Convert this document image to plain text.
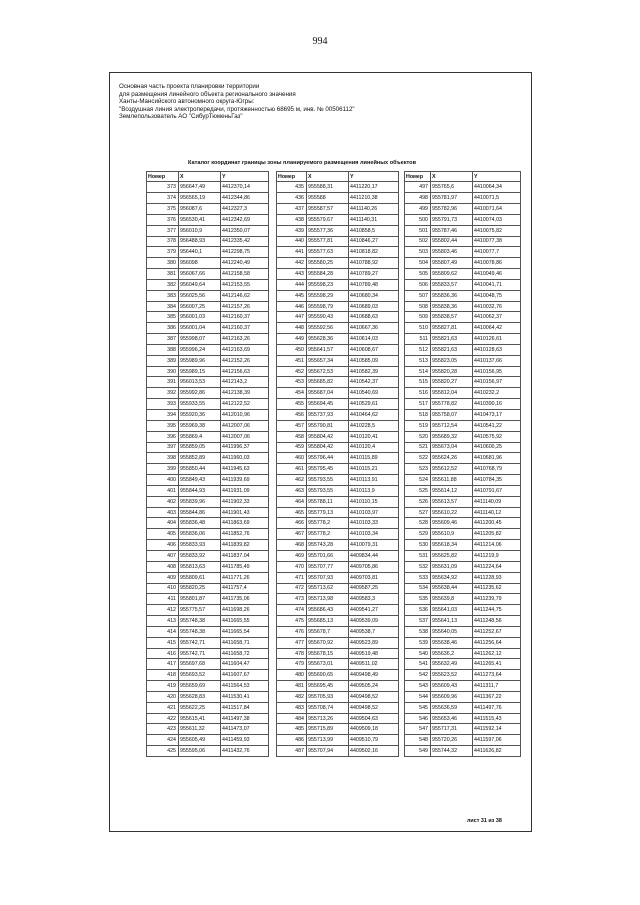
994
Основная часть проекта планировки территории
для размещения линейного объекта регионального значения
Ханты-Мансийского автономного округа-Югры:
"Воздушная линия электропередачи, протяженностью 68695 м, инв. № 00506112"
Землепользователь АО "СибурТюменьГаз"
Каталог координат границы зоны планируемого размещения линейных объектов
Номер	X	Y
373	956647,49	4412370,14
374	956565,19	4412344,86
375	956087,6	4412327,3
376	956530,41	4412342,69
377	956010,9	4412350,07
378	956488,93	4412335,42
379	956440,1	4412298,75
380	956098	4412240,49
381	956067,66	4412158,58
382	956049,64	4412153,55
383	956025,56	4412146,62
384	956007,25	4412157,26
385	956001,03	4412160,37
386	956001,04	4412160,37
387	955998,07	4412163,26
388	955996,24	4412163,69
389	955989,96	4412152,26
390	955989,15	4412156,63
391	956013,53	4412143,2
392	955992,86	4412138,39
393	955933,55	4412122,52
394	955920,36	4412010,96
395	955969,38	4412007,06
396	955869,4	4412007,06
397	955859,05	4411996,37
398	955852,89	4411960,03
399	955850,44	4411945,63
400	955849,43	4411939,69
401	955844,93	4411931,09
402	955839,96	4411902,33
403	955844,86	4411901,43
404	955836,48	4411863,69
405	955836,06	4411852,76
406	955833,93	4411839,82
407	955833,92	4411837,04
408	955813,63	4411785,49
409	955809,61	4411771,26
410	955820,25	4411757,4
411	955801,87	4411735,06
412	955775,57	4411698,26
413	955748,38	4411665,55
414	955748,38	4411665,54
415	955742,71	4411658,71
416	955742,71	4411658,72
417	955697,68	4411604,47
418	955693,52	4411607,67
419	955659,69	4411564,53
420	955628,83	4411530,41
421	955622,25	4411517,84
422	955615,41	4411497,38
423	955611,32	4411473,07
424	955605,49	4411459,93
425	955595,06	4411432,76
Номер	X	Y
435	955588,31	4411220,17
436	955588	4411210,38
437	955587,57	4411140,26
438	955579,67	4411140,31
439	955577,36	4410858,5
440	955577,81	4410846,27
441	955577,63	4410818,82
442	955580,25	4410788,92
443	955584,28	4410789,27
444	955598,23	4410789,48
445	955598,29	4410680,34
446	955598,79	4410689,03
447	955590,43	4410688,63
448	955592,56	4410667,36
449	955628,36	4410614,03
450	955641,57	4410608,67
451	955657,34	4410585,09
452	955672,53	4410582,39
453	955685,82	4410542,37
454	955687,04	4410540,69
455	955694,45	4410529,61
456	955737,93	4410464,62
457	955790,81	4410228,5
458	955804,42	4410120,41
459	955804,42	4410120,4
460	955796,44	4410115,89
461	955795,45	4410115,21
462	955793,55	4410113,91
463	955793,55	4410113,9
464	955788,11	4410110,15
465	955779,13	4410103,97
466	955778,2	4410103,33
467	955778,2	4410103,34
468	955743,28	4410079,31
469	955701,66	4409834,44
470	955707,77	4409705,86
471	955707,93	4409703,81
472	955713,62	4409587,25
473	955713,98	4409583,3
474	955686,43	4409541,27
475	955685,13	4409539,09
476	955678,7	4409538,7
477	955670,92	4409523,89
478	955678,15	4409519,48
479	955673,01	4409511,02
480	955690,65	4409498,49
481	955695,45	4409505,24
482	955705,93	4409498,52
483	955708,74	4409498,52
484	955713,26	4409504,63
485	955715,89	4409509,18
486	955713,99	4409510,79
487	955707,94	4409502,16
Номер	X	Y
497	955765,6	4410064,34
498	955781,97	4410071,5
499	955782,96	4410071,64
500	955791,73	4410074,03
501	955787,46	4410075,82
502	955802,44	4410077,38
503	955803,46	4410077,7
504	955807,49	4410078,86
505	955809,62	4410049,46
506	955833,57	4410041,71
507	955836,36	4410048,75
508	955838,36	4410032,76
509	955838,57	4410062,37
510	955827,81	4410064,42
511	955821,63	4410126,61
512	955821,63	4410128,63
513	955823,05	4410137,66
514	955820,28	4410156,95
515	955820,27	4410156,97
516	955812,04	4410232,2
517	955778,82	4410390,16
518	955758,07	4410473,17
519	955712,54	4410541,22
520	955689,32	4410575,92
521	955673,04	4410600,25
522	955624,26	4410681,96
523	955612,52	4410768,79
524	955611,88	4410784,35
525	955614,12	4410791,67
526	955613,57	4411140,09
527	955610,22	4411140,12
528	955609,46	4411200,45
529	955610,9	4411205,82
530	955618,34	4411214,06
531	955625,82	4411219,9
532	955631,09	4411224,64
533	955634,92	4411228,93
534	955638,44	4411235,62
535	955639,8	4411239,79
536	955641,03	4411244,75
537	955641,13	4411248,56
538	955640,05	4411252,67
539	955638,46	4411256,64
540	955636,2	4411262,12
541	955632,49	4411265,41
542	955623,52	4411273,64
543	955609,43	4411311,7
544	955609,96	4411367,22
545	955636,59	4411497,76
546	955653,46	4411515,43
547	955717,31	4411592,14
548	955720,26	4411597,06
549	955744,32	4411626,82
лист 31 из 38
